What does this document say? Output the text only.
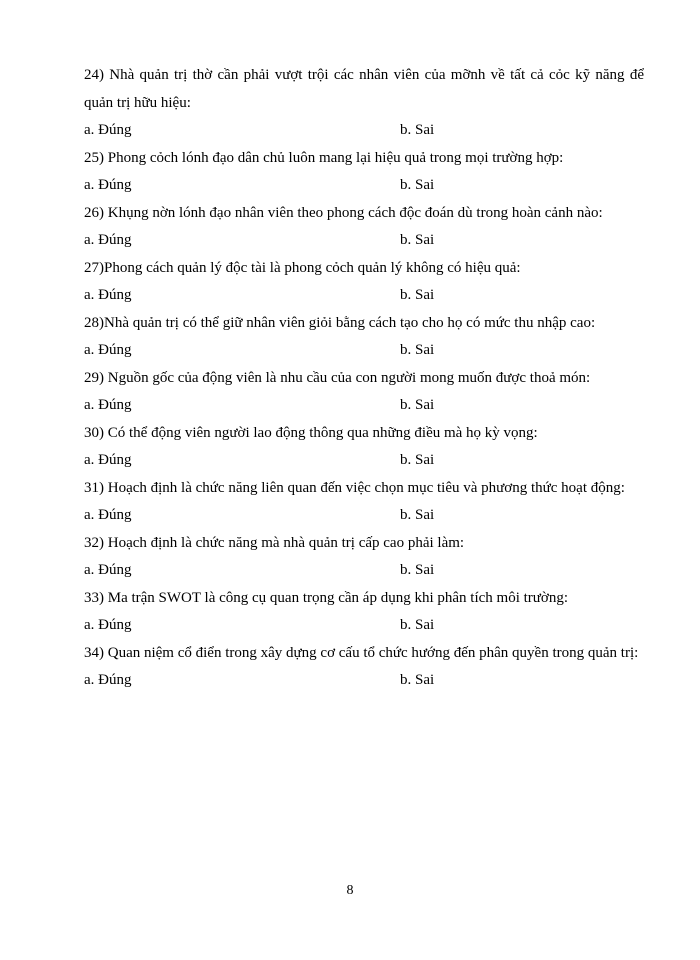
24) Nhà quản trị thờ cần phải vượt trội các nhân viên của mỡnh về tất cả cỏc kỹ năng để quản trị hữu hiệu:
a. Đúng	b. Sai
25) Phong cỏch lónh đạo dân chủ luôn mang lại hiệu quả trong mọi trường hợp:
a. Đúng	b. Sai
26) Khụng nờn lónh đạo nhân viên theo phong cách độc đoán dù trong hoàn cảnh nào:
a. Đúng	b. Sai
27)Phong cách quản lý độc tài là phong cỏch quản lý không có hiệu quả:
a. Đúng	b. Sai
28)Nhà quản trị có thể giữ nhân viên giỏi bằng cách tạo cho họ có mức thu nhập cao:
a. Đúng	b. Sai
29) Nguồn gốc của động viên là nhu cầu của con người mong muốn được thoả món:
a. Đúng	b. Sai
30) Có thể động viên người lao động thông qua những điều mà họ kỳ vọng:
a. Đúng	b. Sai
31) Hoạch định là chức năng liên quan đến việc chọn mục tiêu và phương thức hoạt động:
a. Đúng	b. Sai
32) Hoạch định là chức năng mà nhà quản trị cấp cao phải làm:
a. Đúng	b. Sai
33) Ma trận SWOT là công cụ quan trọng cần áp dụng khi phân tích môi trường:
a. Đúng	b. Sai
34) Quan niệm cổ điển trong xây dựng cơ cấu tổ chức hướng đến phân quyền trong quản trị:
a. Đúng	b. Sai
8
